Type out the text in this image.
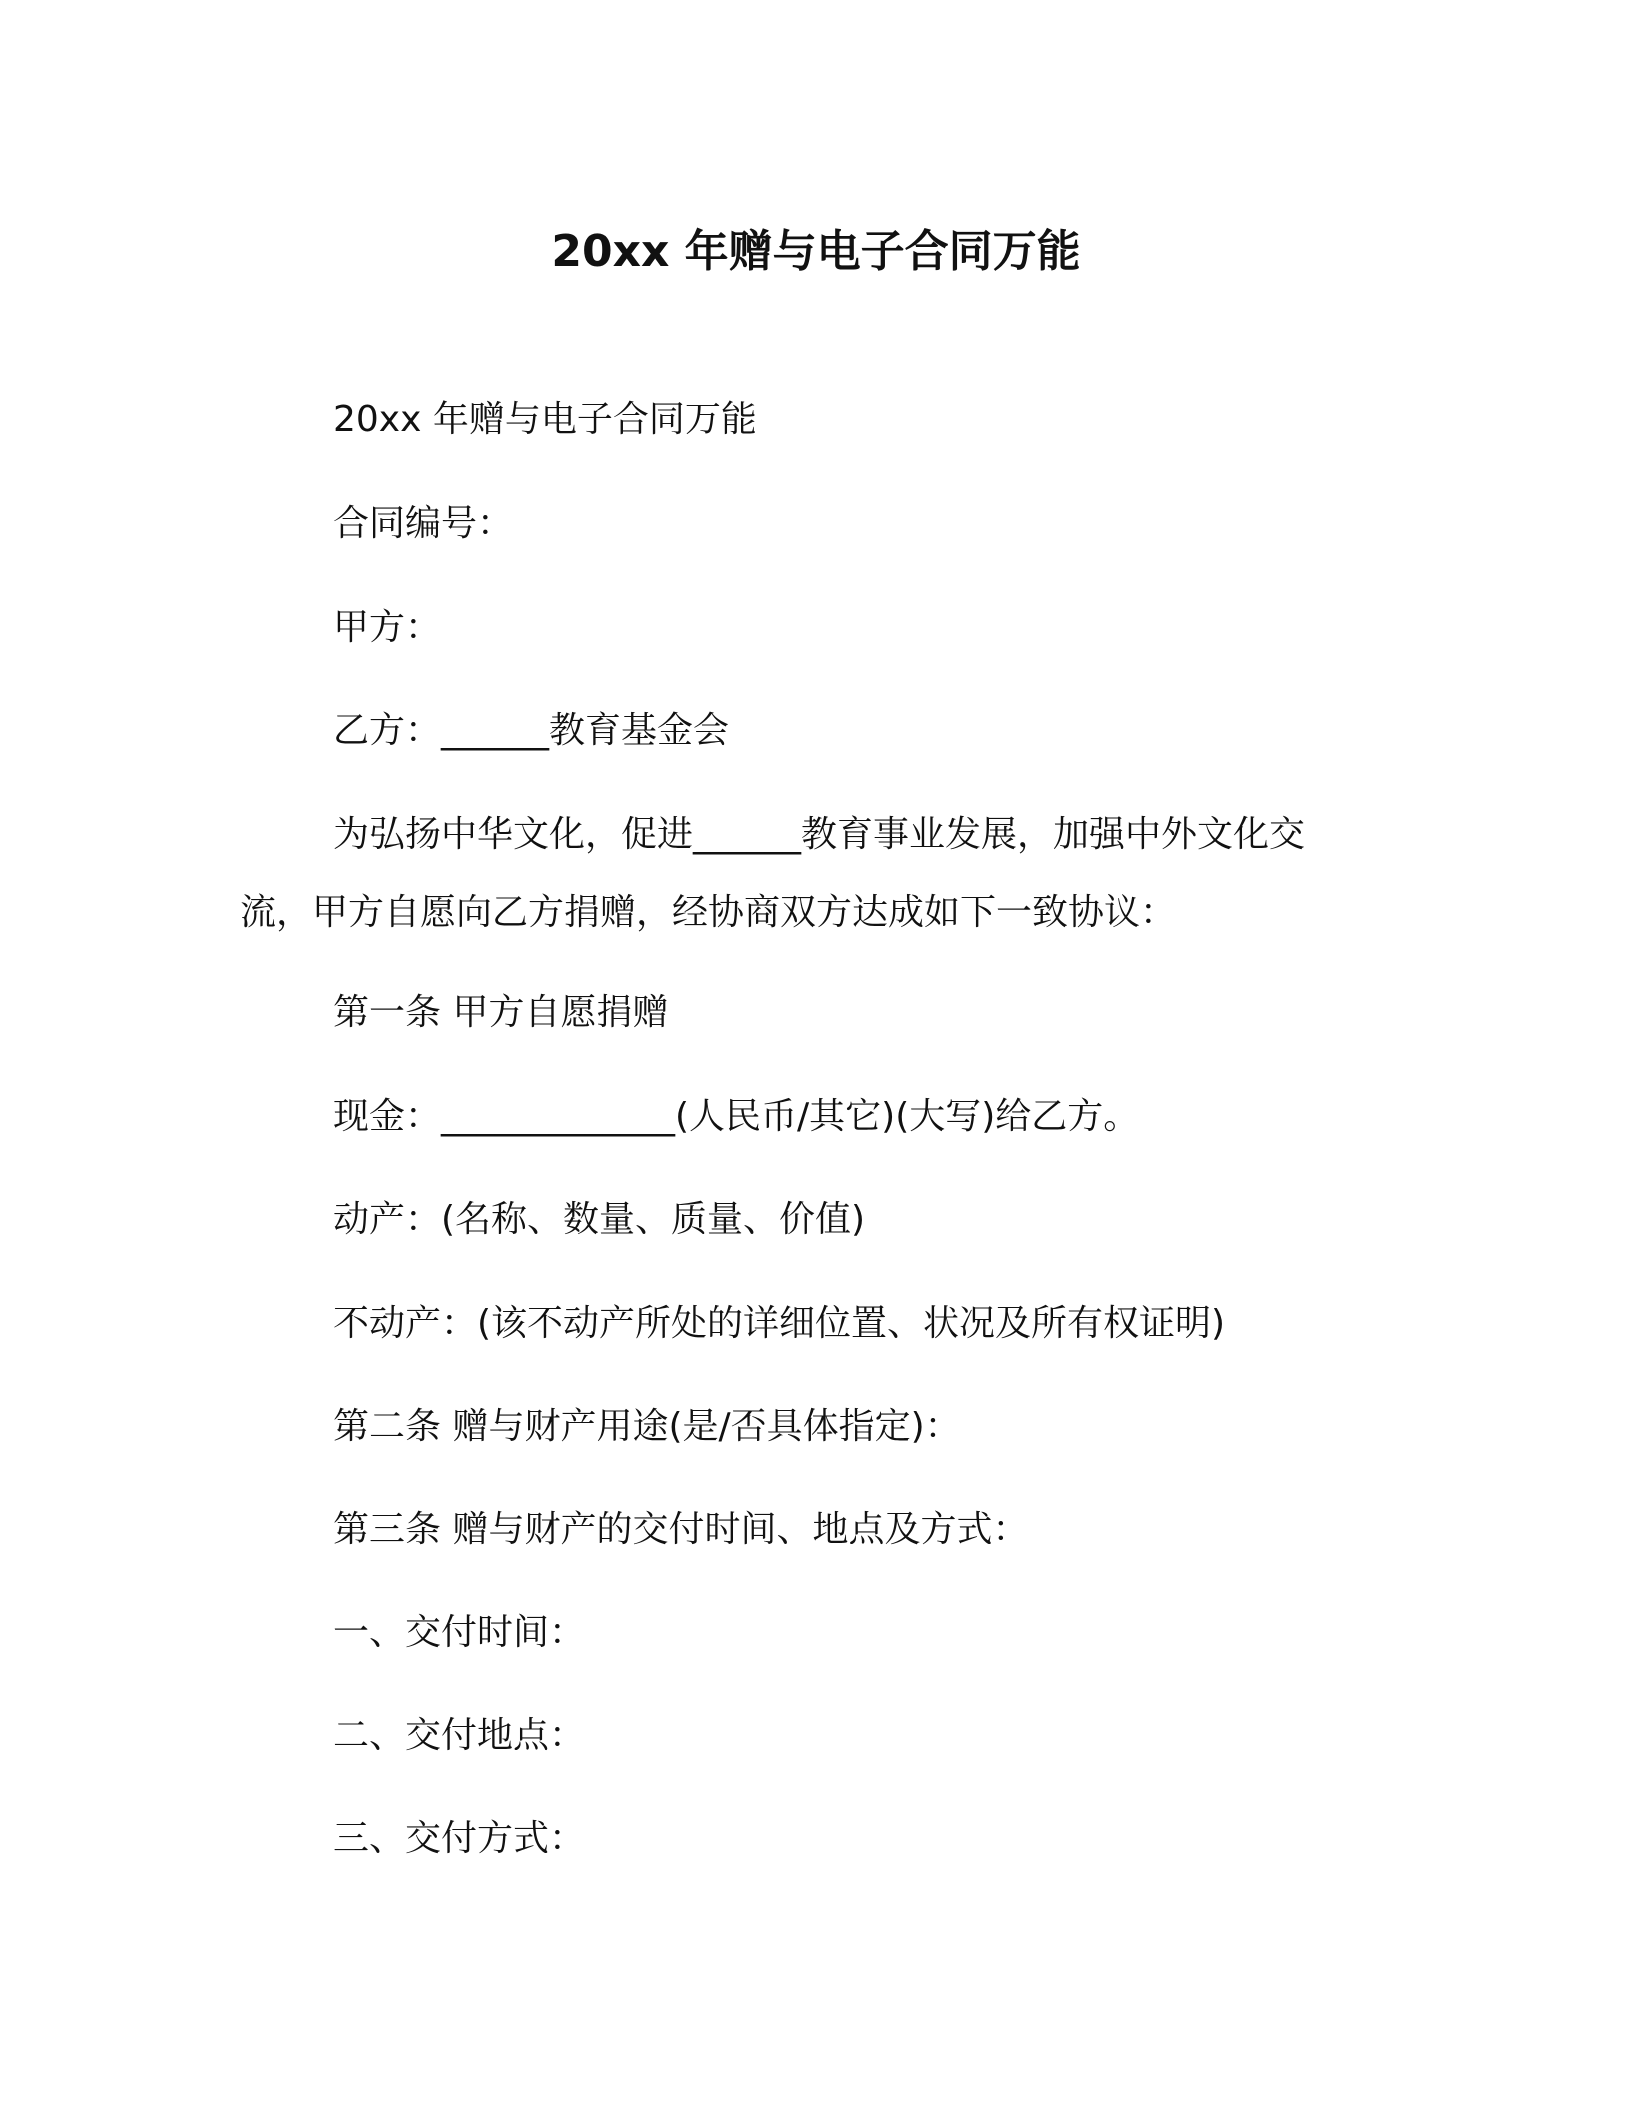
20xx 年赠与电子合同万能
20xx 年赠与电子合同万能
合同编号：
甲方：
乙方：______教育基金会
为弘扬中华文化，促进______教育事业发展，加强中外文化交
流，甲方自愿向乙方捐赠，经协商双方达成如下一致协议：
第一条 甲方自愿捐赠
现金：_____________(人民币/其它)(大写)给乙方。
动产：(名称、数量、质量、价值)
不动产：(该不动产所处的详细位置、状况及所有权证明)
第二条 赠与财产用途(是/否具体指定)：
第三条 赠与财产的交付时间、地点及方式：
一、交付时间：
二、交付地点：
三、交付方式：
